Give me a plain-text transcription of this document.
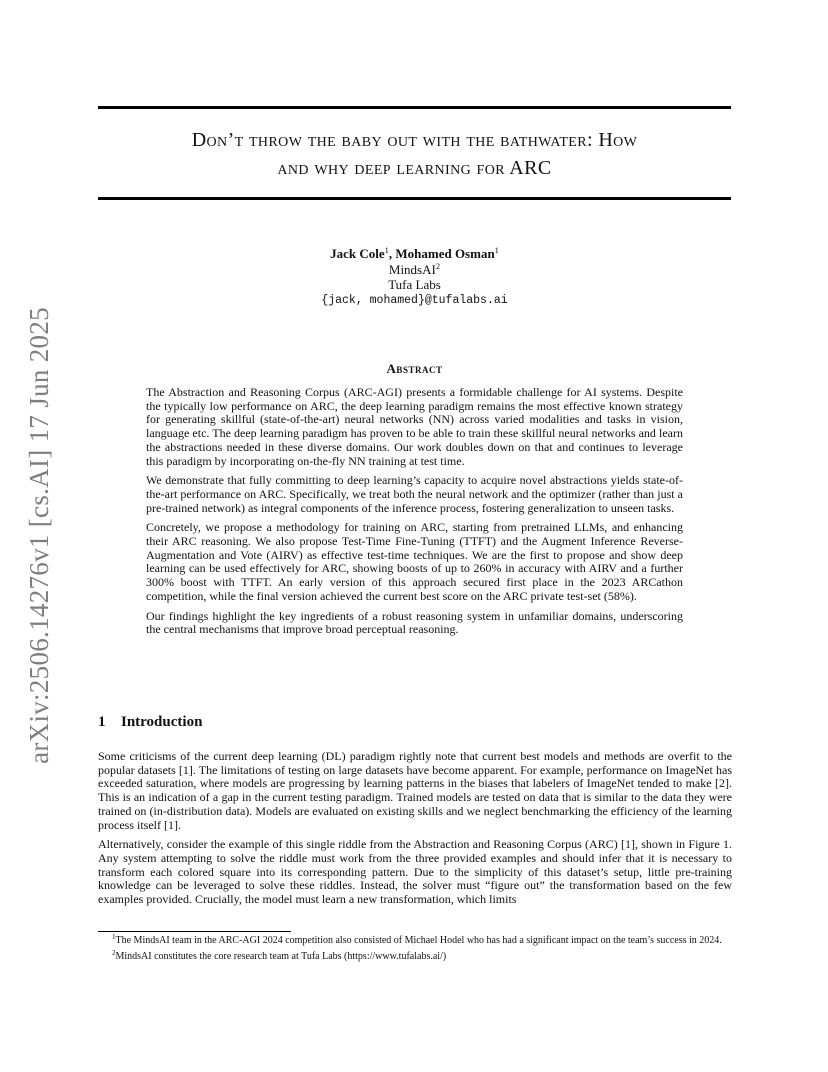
arXiv:2506.14276v1 [cs.AI] 17 Jun 2025
Don’t throw the baby out with the bathwater: How
and why deep learning for ARC
Jack Cole$^1$, Mohamed Osman$^1$
MindsAI$^2$
Tufa Labs
{jack, mohamed}@tufalabs.ai
Abstract

The Abstraction and Reasoning Corpus (ARC-AGI) presents a formidable challenge for AI systems. Despite the typically low performance on ARC, the deep learning paradigm remains the most effective known strategy for generating skillful (state-of-the-art) neural networks (NN) across varied modalities and tasks in vision, language etc. The deep learning paradigm has proven to be able to train these skillful neural networks and learn the abstractions needed in these diverse domains. Our work doubles down on that and continues to leverage this paradigm by incorporating on-the-fly NN training at test time.

We demonstrate that fully committing to deep learning’s capacity to acquire novel abstractions yields state-of-the-art performance on ARC. Specifically, we treat both the neural network and the optimizer (rather than just a pre-trained network) as integral components of the inference process, fostering generalization to unseen tasks.

Concretely, we propose a methodology for training on ARC, starting from pretrained LLMs, and enhancing their ARC reasoning. We also propose Test-Time Fine-Tuning (TTFT) and the Augment Inference Reverse-Augmentation and Vote (AIRV) as effective test-time techniques. We are the first to propose and show deep learning can be used effectively for ARC, showing boosts of up to 260% in accuracy with AIRV and a further 300% boost with TTFT. An early version of this approach secured first place in the 2023 ARCathon competition, while the final version achieved the current best score on the ARC private test-set (58%).

Our findings highlight the key ingredients of a robust reasoning system in unfamiliar domains, underscoring the central mechanisms that improve broad perceptual reasoning.

1 Introduction

Some criticisms of the current deep learning (DL) paradigm rightly note that current best models and methods are overfit to the popular datasets [1]. The limitations of testing on large datasets have become apparent. For example, performance on ImageNet has exceeded saturation, where models are progressing by learning patterns in the biases that labelers of ImageNet tended to make [2]. This is an indication of a gap in the current testing paradigm. Trained models are tested on data that is similar to the data they were trained on (in-distribution data). Models are evaluated on existing skills and we neglect benchmarking the efficiency of the learning process itself [1].

Alternatively, consider the example of this single riddle from the Abstraction and Reasoning Corpus (ARC) [1], shown in Figure 1. Any system attempting to solve the riddle must work from the three provided examples and should infer that it is necessary to transform each colored square into its corresponding pattern. Due to the simplicity of this dataset’s setup, little pre-training knowledge can be leveraged to solve these riddles. Instead, the solver must “figure out” the transformation based on the few examples provided. Crucially, the model must learn a new transformation, which limits

$^1$The MindsAI team in the ARC-AGI 2024 competition also consisted of Michael Hodel who has had a significant impact on the team’s success in 2024.

$^2$MindsAI constitutes the core research team at Tufa Labs (https://www.tufalabs.ai/)
